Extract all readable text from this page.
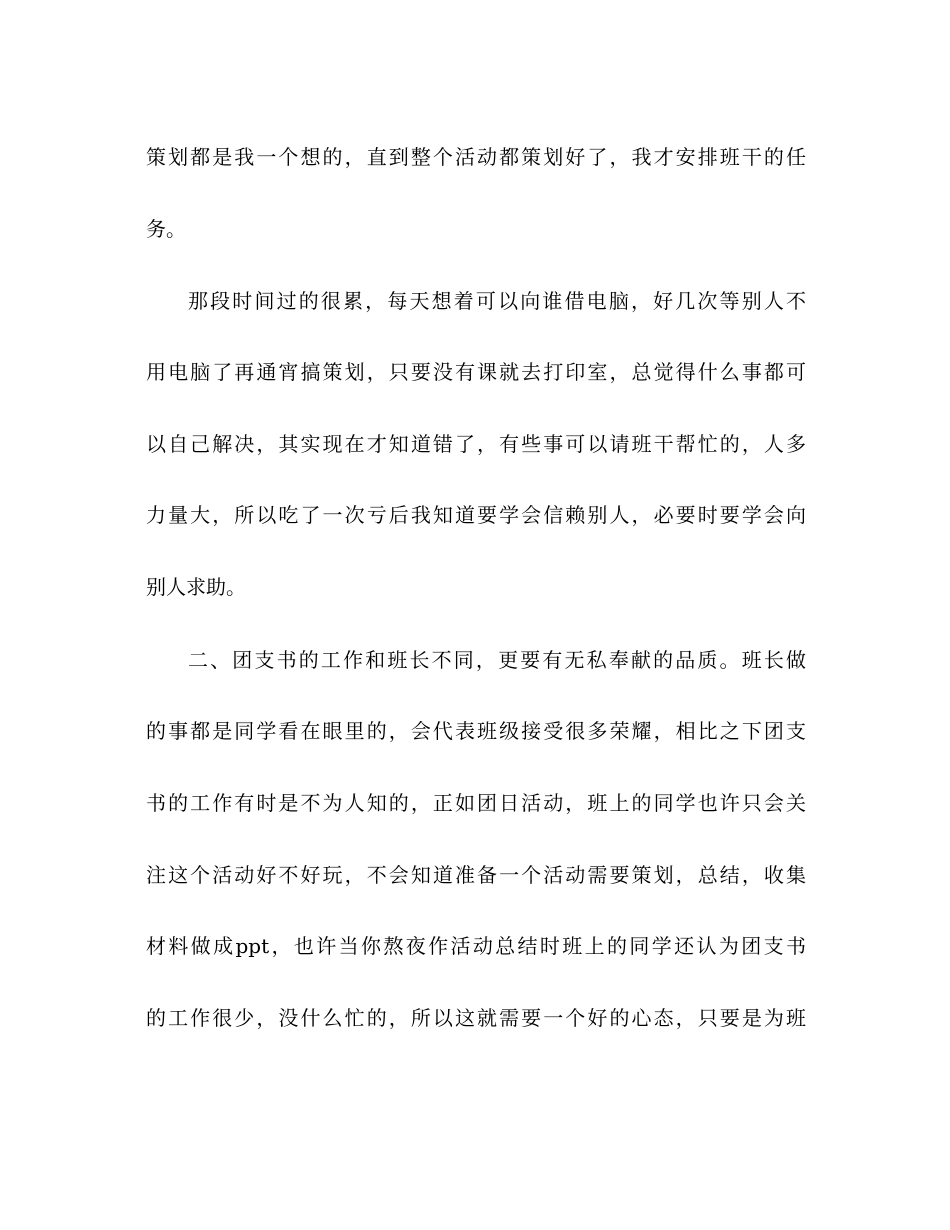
策划都是我一个想的，直到整个活动都策划好了，我才安排班干的任
务。
那段时间过的很累，每天想着可以向谁借电脑，好几次等别人不
用电脑了再通宵搞策划，只要没有课就去打印室，总觉得什么事都可
以自己解决，其实现在才知道错了，有些事可以请班干帮忙的，人多
力量大，所以吃了一次亏后我知道要学会信赖别人，必要时要学会向
别人求助。
二、团支书的工作和班长不同，更要有无私奉献的品质。班长做
的事都是同学看在眼里的，会代表班级接受很多荣耀，相比之下团支
书的工作有时是不为人知的，正如团日活动，班上的同学也许只会关
注这个活动好不好玩，不会知道准备一个活动需要策划，总结，收集
材料做成ppt，也许当你熬夜作活动总结时班上的同学还认为团支书
的工作很少，没什么忙的，所以这就需要一个好的心态，只要是为班
